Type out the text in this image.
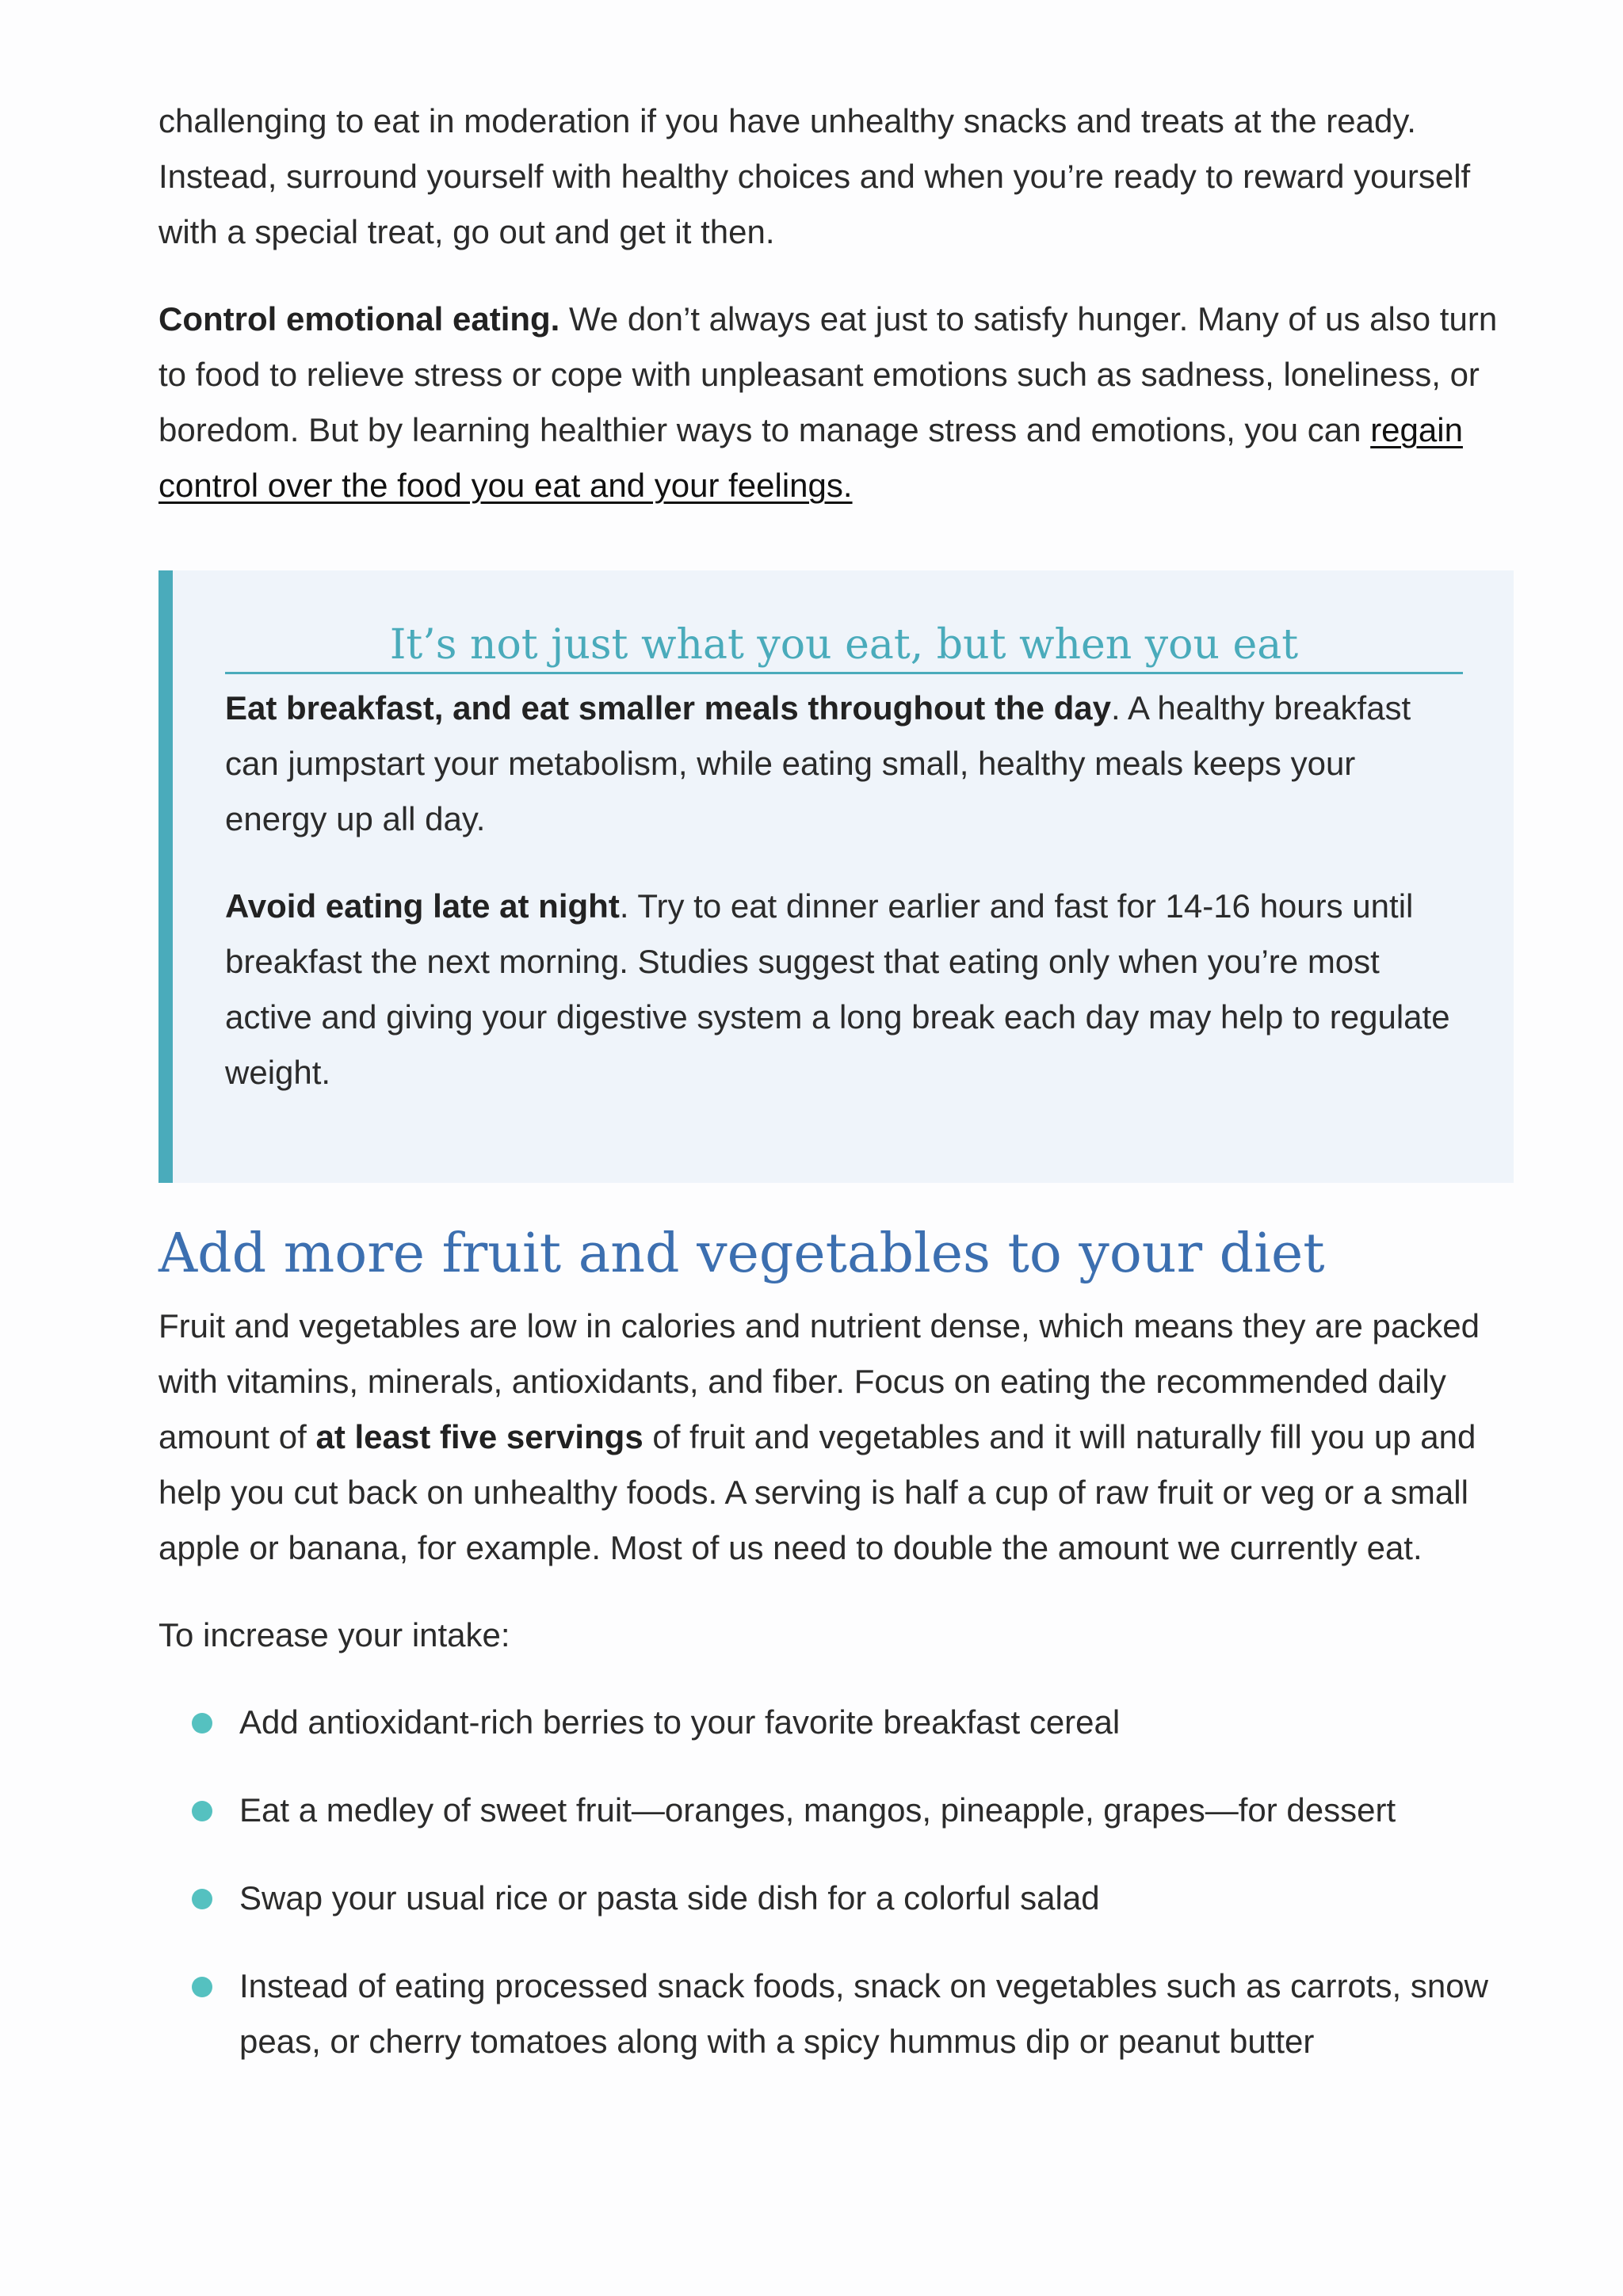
challenging to eat in moderation if you have unhealthy snacks and treats at the ready. Instead, surround yourself with healthy choices and when you’re ready to reward yourself with a special treat, go out and get it then.

Control emotional eating. We don’t always eat just to satisfy hunger. Many of us also turn to food to relieve stress or cope with unpleasant emotions such as sadness, loneliness, or boredom. But by learning healthier ways to manage stress and emotions, you can regain control over the food you eat and your feelings.

It’s not just what you eat, but when you eat

Eat breakfast, and eat smaller meals throughout the day. A healthy breakfast can jumpstart your metabolism, while eating small, healthy meals keeps your energy up all day.

Avoid eating late at night. Try to eat dinner earlier and fast for 14-16 hours until breakfast the next morning. Studies suggest that eating only when you’re most active and giving your digestive system a long break each day may help to regulate weight.

Add more fruit and vegetables to your diet

Fruit and vegetables are low in calories and nutrient dense, which means they are packed with vitamins, minerals, antioxidants, and fiber. Focus on eating the recommended daily amount of at least five servings of fruit and vegetables and it will naturally fill you up and help you cut back on unhealthy foods. A serving is half a cup of raw fruit or veg or a small apple or banana, for example. Most of us need to double the amount we currently eat.

To increase your intake:

Add antioxidant-rich berries to your favorite breakfast cereal
Eat a medley of sweet fruit—oranges, mangos, pineapple, grapes—for dessert
Swap your usual rice or pasta side dish for a colorful salad
Instead of eating processed snack foods, snack on vegetables such as carrots, snow peas, or cherry tomatoes along with a spicy hummus dip or peanut butter
